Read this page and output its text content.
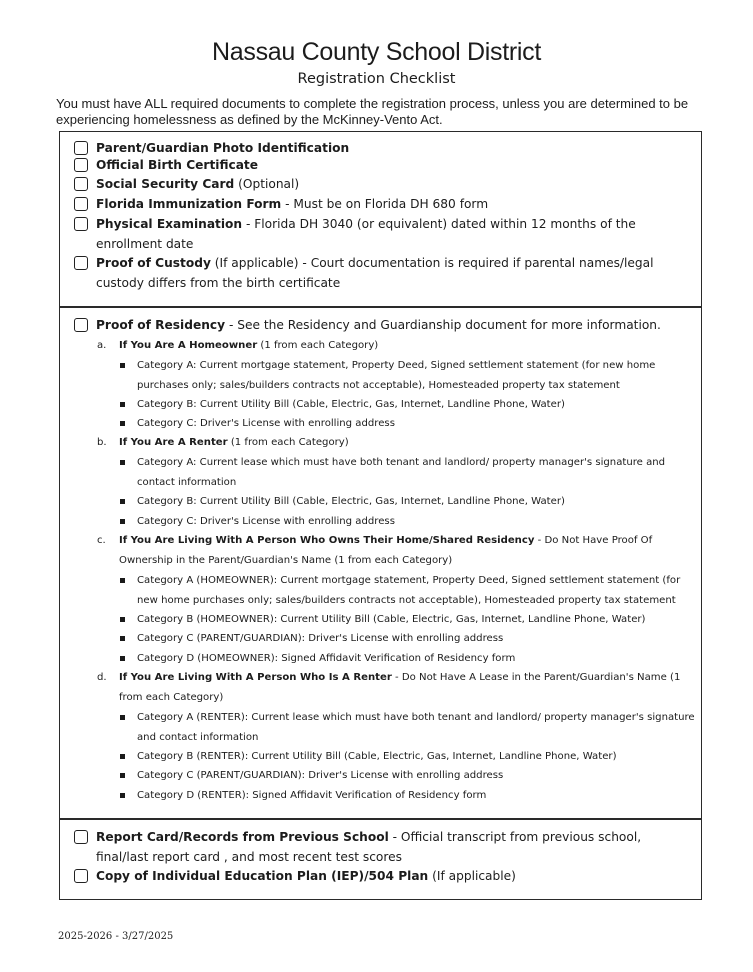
Nassau County School District
Registration Checklist
You must have ALL required documents to complete the registration process, unless you are determined to be experiencing homelessness as defined by the McKinney-Vento Act.
Parent/Guardian Photo Identification
Official Birth Certificate
Social Security Card (Optional)
Florida Immunization Form - Must be on Florida DH 680 form
Physical Examination - Florida DH 3040 (or equivalent) dated within 12 months of the enrollment date
Proof of Custody (If applicable) - Court documentation is required if parental names/legal custody differs from the birth certificate
Proof of Residency - See the Residency and Guardianship document for more information.
a. If You Are A Homeowner (1 from each Category)
Category A: Current mortgage statement, Property Deed, Signed settlement statement (for new home purchases only; sales/builders contracts not acceptable), Homesteaded property tax statement
Category B: Current Utility Bill (Cable, Electric, Gas, Internet, Landline Phone, Water)
Category C: Driver's License with enrolling address
b. If You Are A Renter (1 from each Category)
Category A: Current lease which must have both tenant and landlord/ property manager's signature and contact information
Category B: Current Utility Bill (Cable, Electric, Gas, Internet, Landline Phone, Water)
Category C: Driver's License with enrolling address
c. If You Are Living With A Person Who Owns Their Home/Shared Residency - Do Not Have Proof Of Ownership in the Parent/Guardian's Name (1 from each Category)
Category A (HOMEOWNER): Current mortgage statement, Property Deed, Signed settlement statement (for new home purchases only; sales/builders contracts not acceptable), Homesteaded property tax statement
Category B (HOMEOWNER): Current Utility Bill (Cable, Electric, Gas, Internet, Landline Phone, Water)
Category C (PARENT/GUARDIAN): Driver's License with enrolling address
Category D (HOMEOWNER): Signed Affidavit Verification of Residency form
d. If You Are Living With A Person Who Is A Renter - Do Not Have A Lease in the Parent/Guardian's Name (1 from each Category)
Category A (RENTER): Current lease which must have both tenant and landlord/ property manager's signature and contact information
Category B (RENTER): Current Utility Bill (Cable, Electric, Gas, Internet, Landline Phone, Water)
Category C (PARENT/GUARDIAN): Driver's License with enrolling address
Category D (RENTER): Signed Affidavit Verification of Residency form
Report Card/Records from Previous School - Official transcript from previous school, final/last report card , and most recent test scores
Copy of Individual Education Plan (IEP)/504 Plan (If applicable)
2025-2026 - 3/27/2025
